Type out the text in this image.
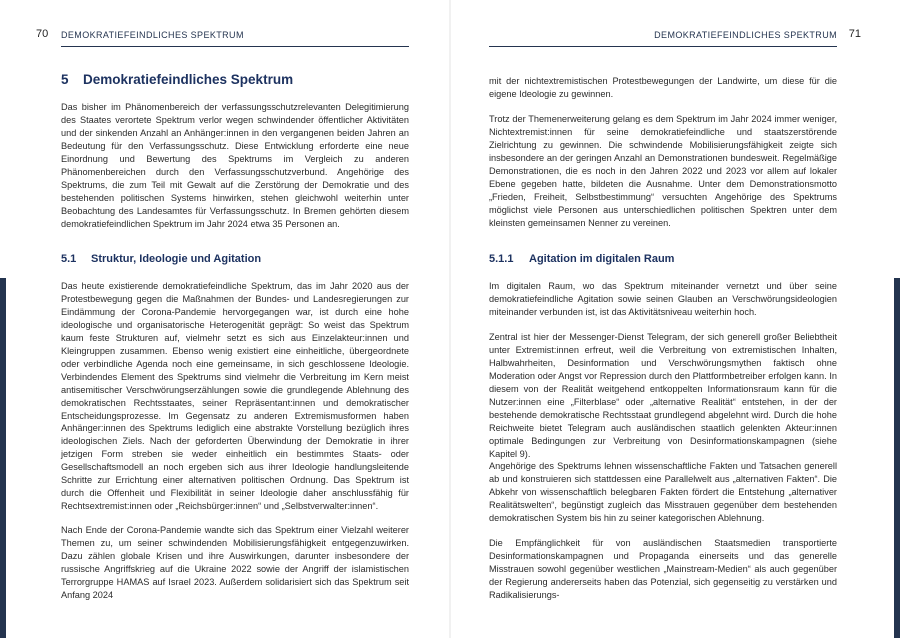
70 DEMOKRATIEFEINDLICHES SPEKTRUM
5 Demokratiefeindliches Spektrum

Das bisher im Phänomenbereich der verfassungsschutzrelevanten Delegitimierung des Staates verortete Spektrum verlor wegen schwindender öffentlicher Aktivitäten und der sinkenden Anzahl an Anhänger:innen in den vergangenen beiden Jahren an Bedeutung für den Verfassungsschutz. Diese Entwicklung erforderte eine neue Einordnung und Bewertung des Spektrums im Vergleich zu anderen Phänomenbereichen durch den Verfassungsschutzverbund. Angehörige des Spektrums, die zum Teil mit Gewalt auf die Zerstörung der Demokratie und des bestehenden politischen Systems hinwirken, stehen gleichwohl weiterhin unter Beobachtung des Landesamtes für Verfassungsschutz. In Bremen gehörten diesem demokratiefeindlichen Spektrum im Jahr 2024 etwa 35 Personen an.

5.1 Struktur, Ideologie und Agitation

Das heute existierende demokratiefeindliche Spektrum, das im Jahr 2020 aus der Protestbewegung gegen die Maßnahmen der Bundes- und Landesregierungen zur Eindämmung der Corona-Pandemie hervorgegangen war, ist durch eine hohe ideologische und organisatorische Heterogenität geprägt: So weist das Spektrum kaum feste Strukturen auf, vielmehr setzt es sich aus Einzelakteur:innen und Kleingruppen zusammen. Ebenso wenig existiert eine einheitliche, übergeordnete oder verbindliche Agenda noch eine gemeinsame, in sich geschlossene Ideologie. Verbindendes Element des Spektrums sind vielmehr die Verbreitung im Kern meist antisemitischer Verschwörungserzählungen sowie die grundlegende Ablehnung des demokratischen Rechtsstaates, seiner Repräsentant:innen und demokratischer Entscheidungsprozesse. Im Gegensatz zu anderen Extremismusformen haben Anhänger:innen des Spektrums lediglich eine abstrakte Vorstellung bezüglich ihres ideologischen Ziels. Nach der geforderten Überwindung der Demokratie in ihrer jetzigen Form streben sie weder einheitlich ein bestimmtes Staats- oder Gesellschaftsmodell an noch ergeben sich aus ihrer Ideologie handlungsleitende Schritte zur Errichtung einer alternativen politischen Ordnung. Das Spektrum ist durch die Offenheit und Flexibilität in seiner Ideologie daher anschlussfähig für Rechtsextremist:innen oder „Reichsbürger:innen“ und „Selbstverwalter:innen“.

Nach Ende der Corona-Pandemie wandte sich das Spektrum einer Vielzahl weiterer Themen zu, um seiner schwindenden Mobilisierungsfähigkeit entgegenzuwirken. Dazu zählen globale Krisen und ihre Auswirkungen, darunter insbesondere der russische Angriffskrieg auf die Ukraine 2022 sowie der Angriff der islamistischen Terrorgruppe HAMAS auf Israel 2023. Außerdem solidarisiert sich das Spektrum seit Anfang 2024

DEMOKRATIEFEINDLICHES SPEKTRUM 71

mit der nichtextremistischen Protestbewegungen der Landwirte, um diese für die eigene Ideologie zu gewinnen.

Trotz der Themenerweiterung gelang es dem Spektrum im Jahr 2024 immer weniger, Nichtextremist:innen für seine demokratiefeindliche und staatszerstörende Zielrichtung zu gewinnen. Die schwindende Mobilisierungsfähigkeit zeigte sich insbesondere an der geringen Anzahl an Demonstrationen bundesweit. Regelmäßige Demonstrationen, die es noch in den Jahren 2022 und 2023 vor allem auf lokaler Ebene gegeben hatte, bildeten die Ausnahme. Unter dem Demonstrationsmotto „Frieden, Freiheit, Selbstbestimmung“ versuchten Angehörige des Spektrums möglichst viele Personen aus unterschiedlichen politischen Spektren unter dem kleinsten gemeinsamen Nenner zu vereinen.

5.1.1 Agitation im digitalen Raum

Im digitalen Raum, wo das Spektrum miteinander vernetzt und über seine demokratiefeindliche Agitation sowie seinen Glauben an Verschwörungsideologien miteinander verbunden ist, ist das Aktivitätsniveau weiterhin hoch.

Zentral ist hier der Messenger-Dienst Telegram, der sich generell großer Beliebtheit unter Extremist:innen erfreut, weil die Verbreitung von extremistischen Inhalten, Halbwahrheiten, Desinformation und Verschwörungsmythen faktisch ohne Moderation oder Angst vor Repression durch den Plattformbetreiber erfolgen kann. In diesem von der Realität weitgehend entkoppelten Informationsraum kann für die Nutzer:innen eine „Filterblase“ oder „alternative Realität“ entstehen, in der der bestehende demokratische Rechtsstaat grundlegend abgelehnt wird. Durch die hohe Reichweite bietet Telegram auch ausländischen staatlich gelenkten Akteur:innen optimale Bedingungen zur Verbreitung von Desinformationskampagnen (siehe Kapitel 9).

Angehörige des Spektrums lehnen wissenschaftliche Fakten und Tatsachen generell ab und konstruieren sich stattdessen eine Parallelwelt aus „alternativen Fakten“. Die Abkehr von wissenschaftlich belegbaren Fakten fördert die Entstehung „alternativer Realitätswelten“, begünstigt zugleich das Misstrauen gegenüber dem bestehenden demokratischen System bis hin zu seiner kategorischen Ablehnung.

Die Empfänglichkeit für von ausländischen Staatsmedien transportierte Desinformationskampagnen und Propaganda einerseits und das generelle Misstrauen sowohl gegenüber westlichen „Mainstream-Medien“ als auch gegenüber der Regierung andererseits haben das Potenzial, sich gegenseitig zu verstärken und Radikalisierungs-
